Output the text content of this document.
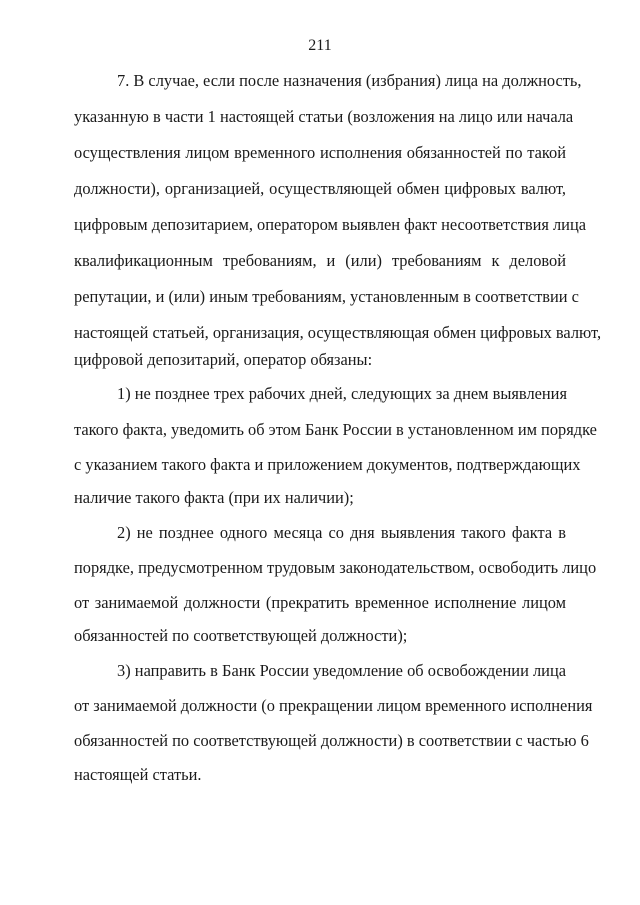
211
7. В случае, если после назначения (избрания) лица на должность,
указанную в части 1 настоящей статьи (возложения на лицо или начала
осуществления лицом временного исполнения обязанностей по такой
должности), организацией, осуществляющей обмен цифровых валют,
цифровым депозитарием, оператором выявлен факт несоответствия лица
квалификационным требованиям, и (или) требованиям к деловой
репутации, и (или) иным требованиям, установленным в соответствии с
настоящей статьей, организация, осуществляющая обмен цифровых валют,
цифровой депозитарий, оператор обязаны:
1) не позднее трех рабочих дней, следующих за днем выявления
такого факта, уведомить об этом Банк России в установленном им порядке
с указанием такого факта и приложением документов, подтверждающих
наличие такого факта (при их наличии);
2) не позднее одного месяца со дня выявления такого факта в
порядке, предусмотренном трудовым законодательством, освободить лицо
от занимаемой должности (прекратить временное исполнение лицом
обязанностей по соответствующей должности);
3) направить в Банк России уведомление об освобождении лица
от занимаемой должности (о прекращении лицом временного исполнения
обязанностей по соответствующей должности) в соответствии с частью 6
настоящей статьи.
